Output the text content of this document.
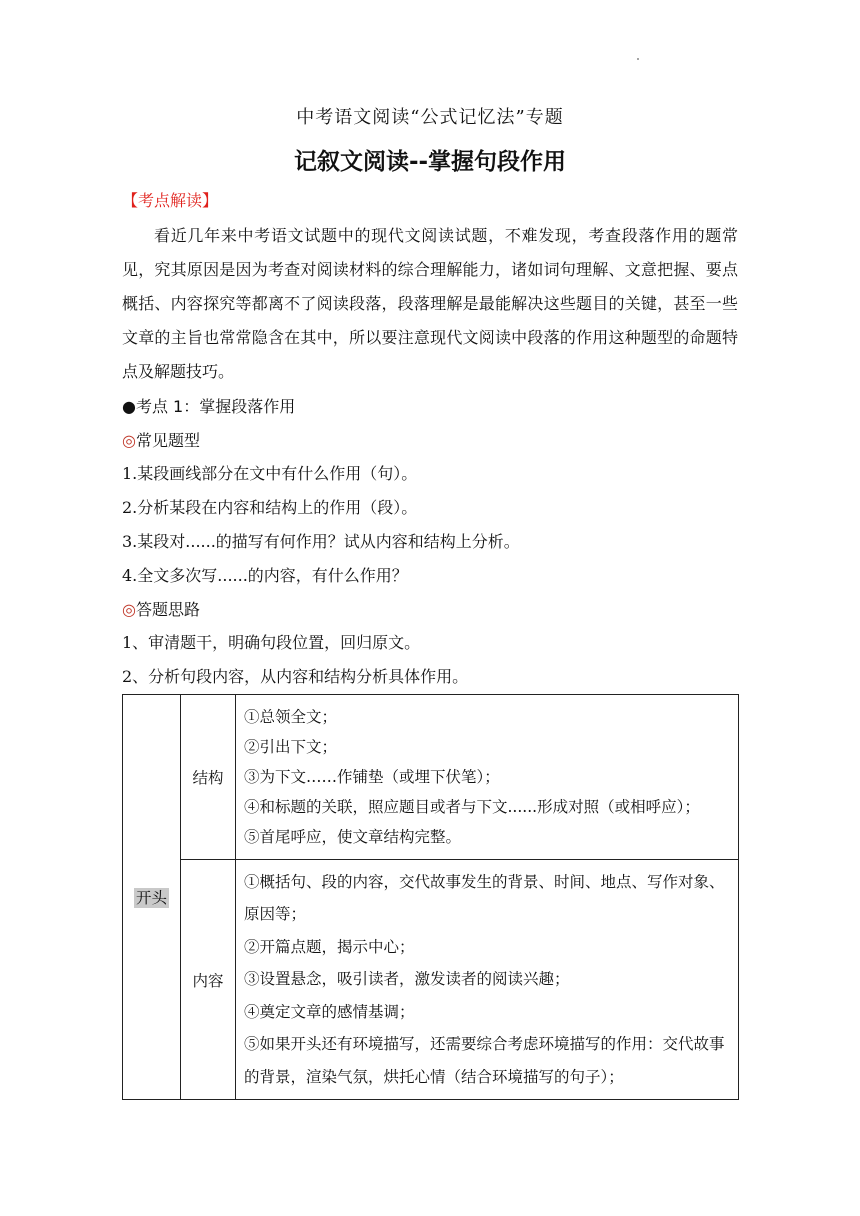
中考语文阅读“公式记忆法”专题
记叙文阅读--掌握句段作用
【考点解读】
看近几年来中考语文试题中的现代文阅读试题，不难发现，考查段落作用的题常见，究其原因是因为考查对阅读材料的综合理解能力，诸如词句理解、文意把握、要点概括、内容探究等都离不了阅读段落，段落理解是最能解决这些题目的关键，甚至一些文章的主旨也常常隐含在其中，所以要注意现代文阅读中段落的作用这种题型的命题特点及解题技巧。
●考点 1：掌握段落作用
◎常见题型
1.某段画线部分在文中有什么作用（句）。
2.分析某段在内容和结构上的作用（段）。
3.某段对......的描写有何作用？试从内容和结构上分析。
4.全文多次写......的内容，有什么作用？
◎答题思路
1、审清题干，明确句段位置，回归原文。
2、分析句段内容，从内容和结构分析具体作用。
开头	结构	①总领全文；
②引出下文；
③为下文……作铺垫（或埋下伏笔）；
④和标题的关联，照应题目或者与下文......形成对照（或相呼应）；
⑤首尾呼应，使文章结构完整。

	内容	①概括句、段的内容，交代故事发生的背景、时间、地点、写作对象、原因等；
②开篇点题，揭示中心；
③设置悬念，吸引读者，激发读者的阅读兴趣；
④奠定文章的感情基调；
⑤如果开头还有环境描写，还需要综合考虑环境描写的作用：交代故事的背景，渲染气氛，烘托心情（结合环境描写的句子）；
